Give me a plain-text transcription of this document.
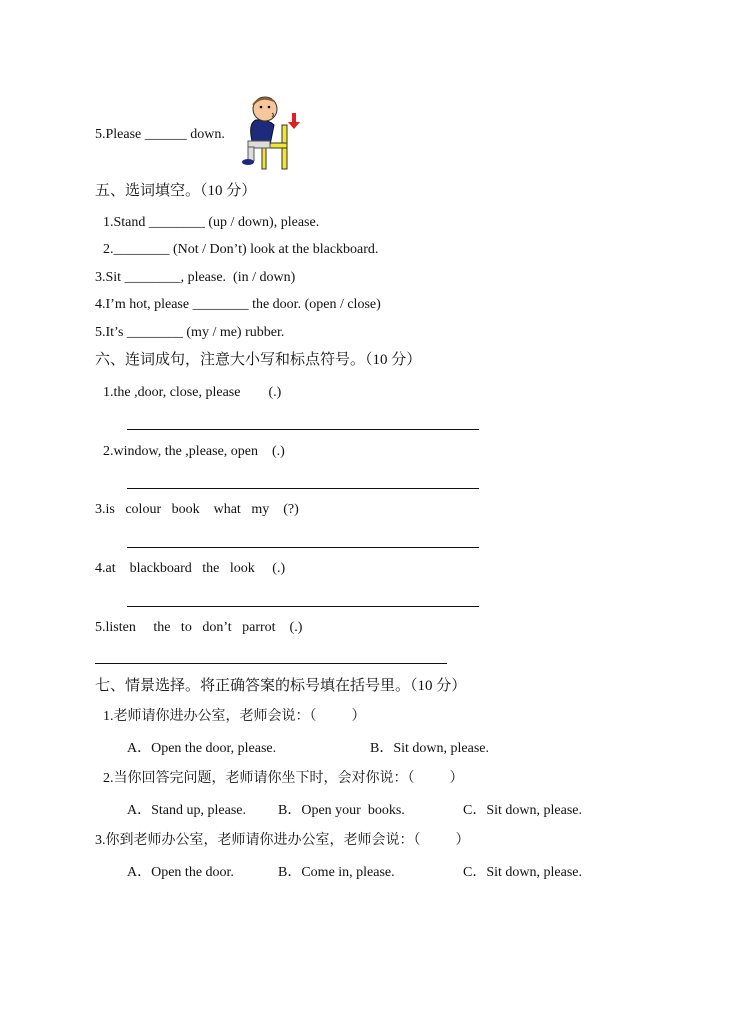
5.Please ______ down.
五、选词填空。（10 分）
1.Stand ________ (up / down), please.
2.________ (Not / Don’t) look at the blackboard.
3.Sit ________, please.  (in / down)
4.I’m hot, please ________ the door. (open / close)
5.It’s ________ (my / me) rubber.
六、连词成句，注意大小写和标点符号。（10 分）
1.the ,door, close, please        (.)
2.window, the ,please, open    (.)
3.is   colour   book    what   my    (?)
4.at    blackboard   the   look     (.)
5.listen     the   to   don’t   parrot    (.)
七、情景选择。将正确答案的标号填在括号里。（10 分）
1.老师请你进办公室，老师会说：（          ）
A．Open the door, please.	B．Sit down, please.
2.当你回答完问题，老师请你坐下时，会对你说：（          ）
A．Stand up, please. B．Open your  books.	C．Sit down, please.
3.你到老师办公室，老师请你进办公室，老师会说：（          ）
A．Open the door.	B．Come in, please.	C．Sit down, please.
